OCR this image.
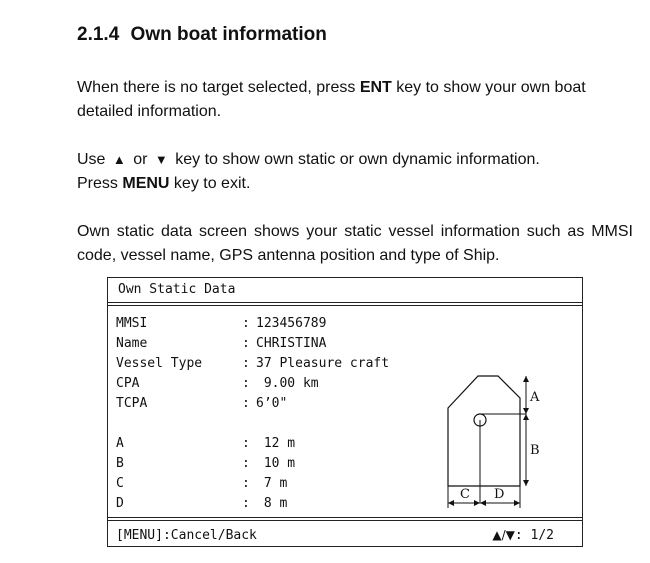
2.1.4 Own boat information

When there is no target selected, press ENT key to show your own boat detailed information.

Use ▲ or ▼ key to show own static or own dynamic information.
Press MENU key to exit.

Own static data screen shows your static vessel information such as MMSI code, vessel name, GPS antenna position and type of Ship.

Own Static Data
MMSI	: 123456789
Name	: CHRISTINA
Vessel Type	: 37 Pleasure craft
CPA	: 9.00 km
TCPA	: 6’0"
A	: 12 m
B	: 10 m
C	: 7 m
D	: 8 m
A
B
C D
[MENU]:Cancel/Back	▲/▼: 1/2
